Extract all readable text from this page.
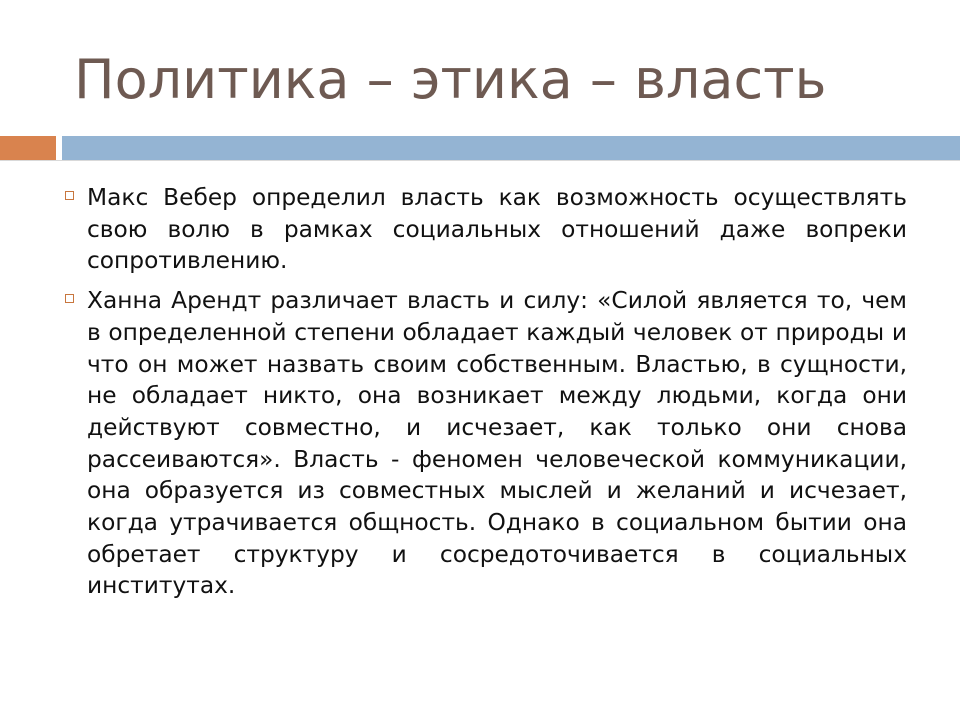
Политика – этика – власть
Макс Вебер определил власть как возможность осуществлять свою волю в рамках социальных отношений даже вопреки сопротивлению.
Ханна Арендт различает власть и силу: «Силой является то, чем в определенной степени обладает каждый человек от природы и что он может назвать своим собственным. Властью, в сущности, не обладает никто, она возникает между людьми, когда они действуют совместно, и исчезает, как только они снова рассеиваются». Власть - феномен человеческой коммуникации, она образуется из совместных мыслей и желаний и исчезает, когда утрачивается общность. Однако в социальном бытии она обретает структуру и сосредоточивается в социальных институтах.
